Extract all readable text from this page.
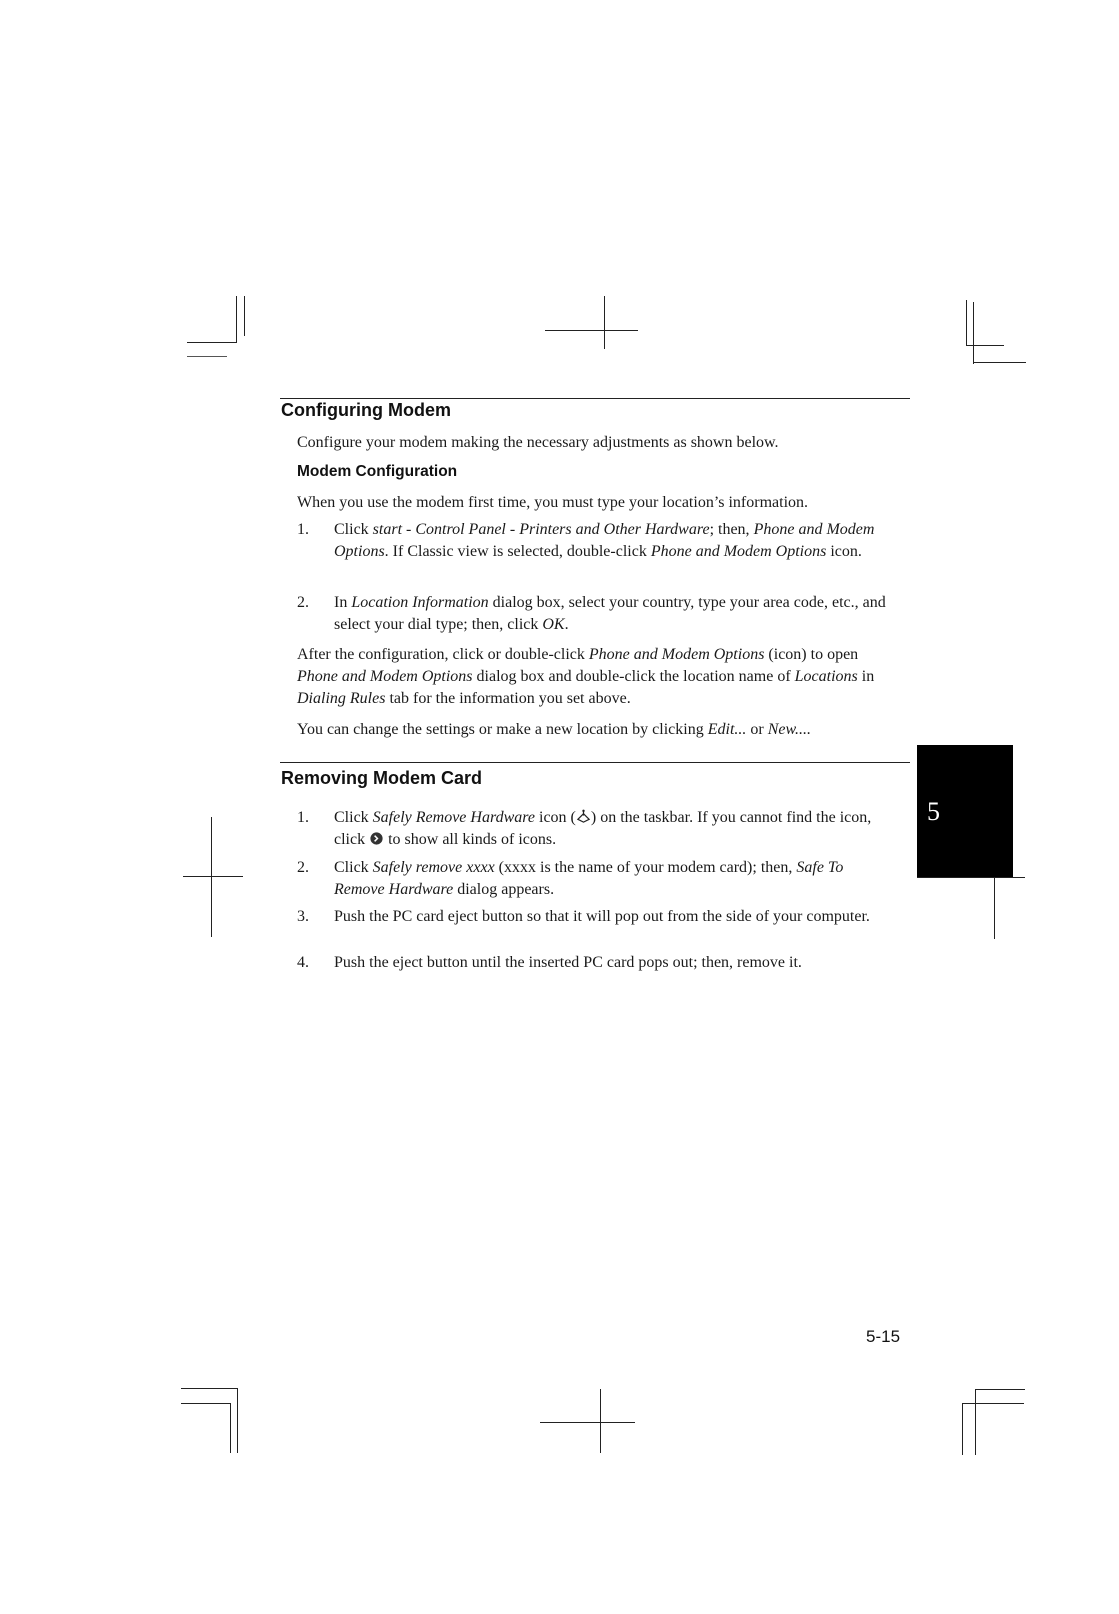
Configuring Modem
Configure your modem making the necessary adjustments as shown below.
Modem Configuration
When you use the modem first time, you must type your location’s information.
1.	Click start - Control Panel - Printers and Other Hardware; then, Phone and Modem Options. If Classic view is selected, double-click Phone and Modem Options icon.
2.	In Location Information dialog box, select your country, type your area code, etc., and select your dial type; then, click OK.
After the configuration, click or double-click Phone and Modem Options (icon) to open Phone and Modem Options dialog box and double-click the location name of Locations in Dialing Rules tab for the information you set above.
You can change the settings or make a new location by clicking Edit... or New....
Removing Modem Card
1.	Click Safely Remove Hardware icon ( ) on the taskbar. If you cannot find the icon, click  to show all kinds of icons.
2.	Click Safely remove xxxx (xxxx is the name of your modem card); then, Safe To Remove Hardware dialog appears.
3.	Push the PC card eject button so that it will pop out from the side of your computer.
4.	Push the eject button until the inserted PC card pops out; then, remove it.
5
5-15
